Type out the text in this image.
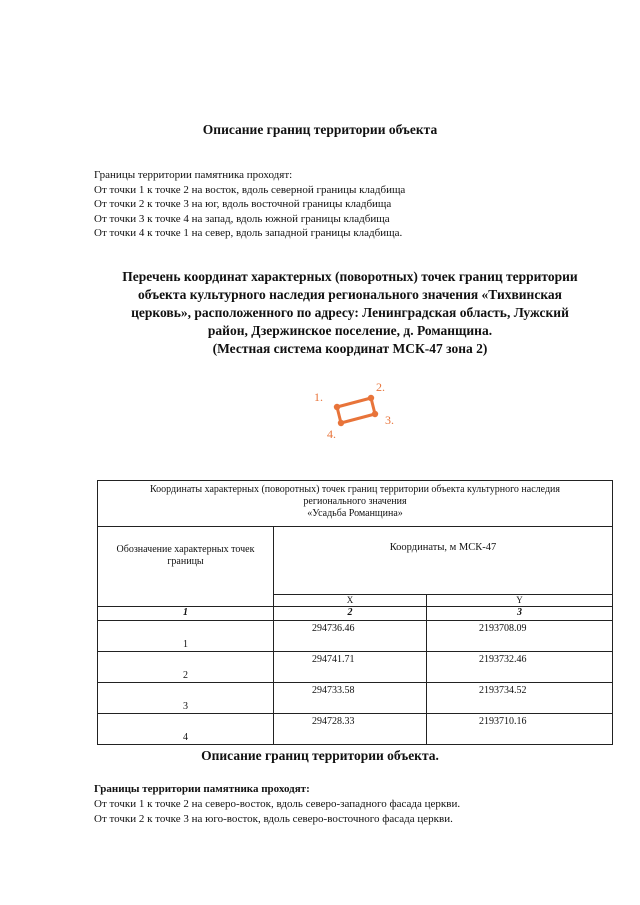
Описание границ территории объекта
Границы территории памятника проходят:
От точки 1 к точке 2 на восток, вдоль северной границы кладбища
От точки 2 к точке 3 на юг, вдоль восточной границы кладбища
От точки 3 к точке 4 на запад, вдоль южной границы кладбища
От точки 4 к точке 1 на север, вдоль западной границы кладбища.
Перечень координат характерных (поворотных) точек границ территории
объекта культурного наследия регионального значения «Тихвинская
церковь», расположенного по адресу: Ленинградская область, Лужский
район, Дзержинское поселение, д. Романщина.
(Местная система координат МСК-47 зона 2)
1.
2.
3.
4.
Координаты характерных (поворотных) точек границ территории объекта культурного наследия
регионального значения
«Усадьба Романщина»		

Обозначение характерных точек границы	Координаты, м МСК-47	
	X	Y
1	2	3
1	294736.46	2193708.09
2	294741.71	2193732.46
3	294733.58	2193734.52
4	294728.33	2193710.16
Описание границ территории объекта.
Границы территории памятника проходят:
От точки 1 к точке 2 на северо-восток, вдоль северо-западного фасада церкви.
От точки 2 к точке 3 на юго-восток, вдоль северо-восточного фасада церкви.
